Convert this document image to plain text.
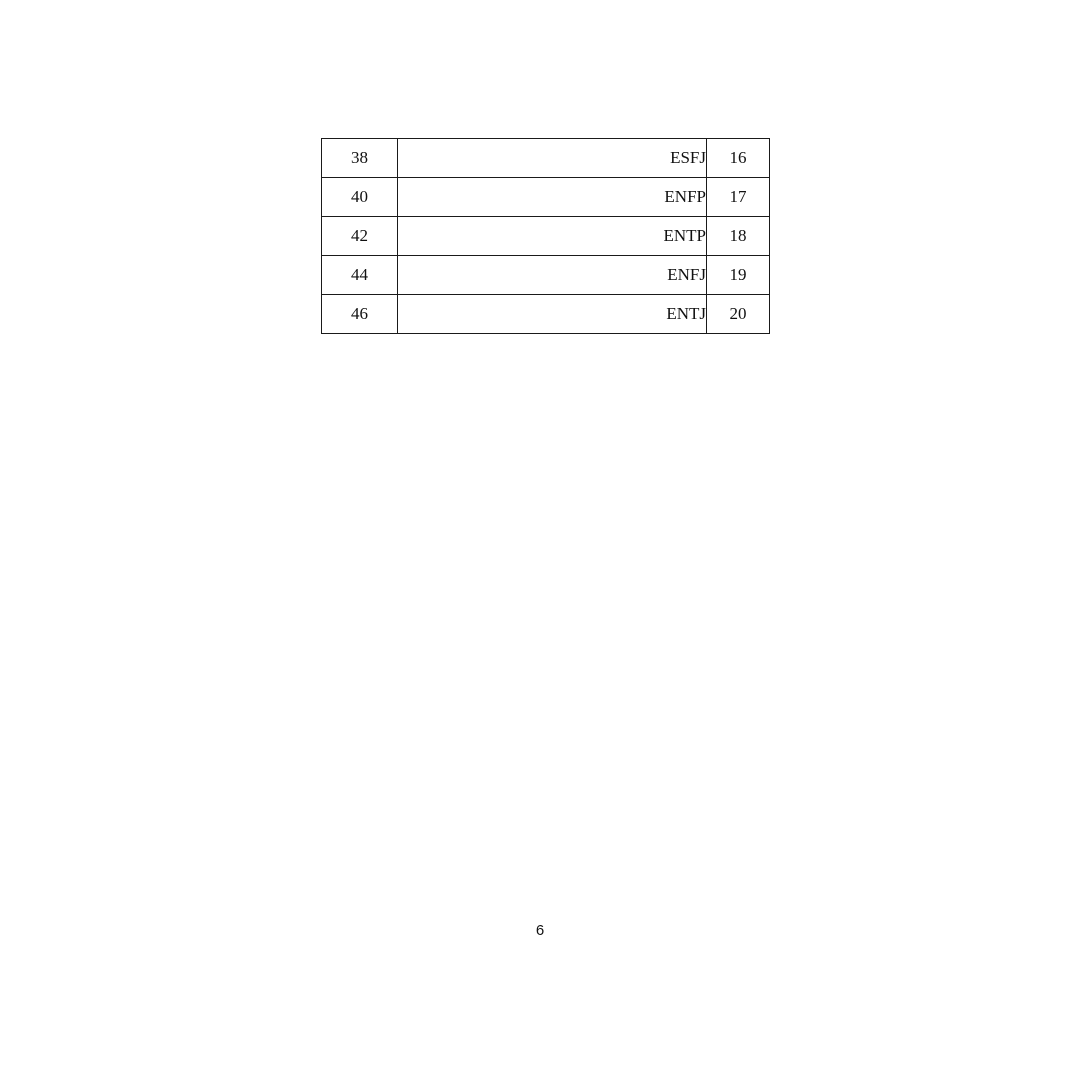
38	ESFJ	16
40	ENFP	17
42	ENTP	18
44	ENFJ	19
46	ENTJ	20
6
